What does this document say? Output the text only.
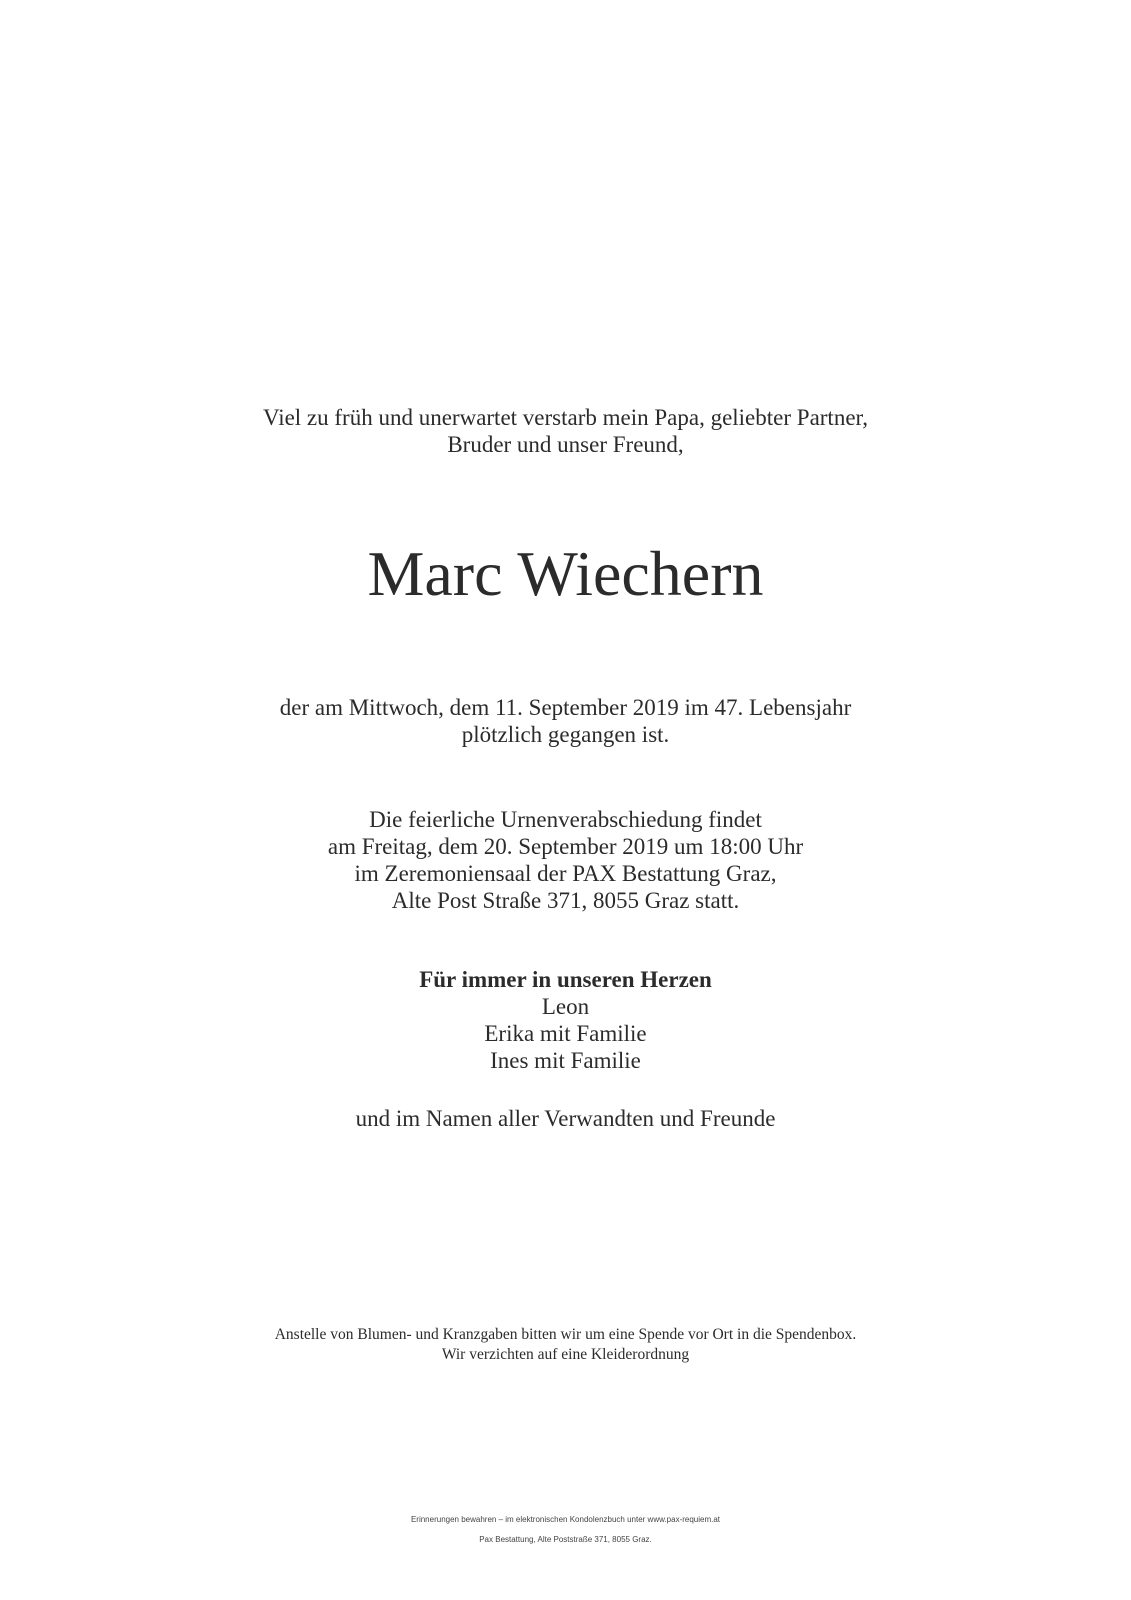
Viel zu früh und unerwartet verstarb mein Papa, geliebter Partner,
Bruder und unser Freund,
Marc Wiechern
der am Mittwoch, dem 11. September 2019 im 47. Lebensjahr
plötzlich gegangen ist.
Die feierliche Urnenverabschiedung findet
am Freitag, dem 20. September 2019 um 18:00 Uhr
im Zeremoniensaal der PAX Bestattung Graz,
Alte Post Straße 371, 8055 Graz statt.
Für immer in unseren Herzen
Leon
Erika mit Familie
Ines mit Familie
und im Namen aller Verwandten und Freunde
Anstelle von Blumen- und Kranzgaben bitten wir um eine Spende vor Ort in die Spendenbox.
Wir verzichten auf eine Kleiderordnung
Erinnerungen bewahren – im elektronischen Kondolenzbuch unter www.pax-requiem.at
Pax Bestattung, Alte Poststraße 371, 8055 Graz.
